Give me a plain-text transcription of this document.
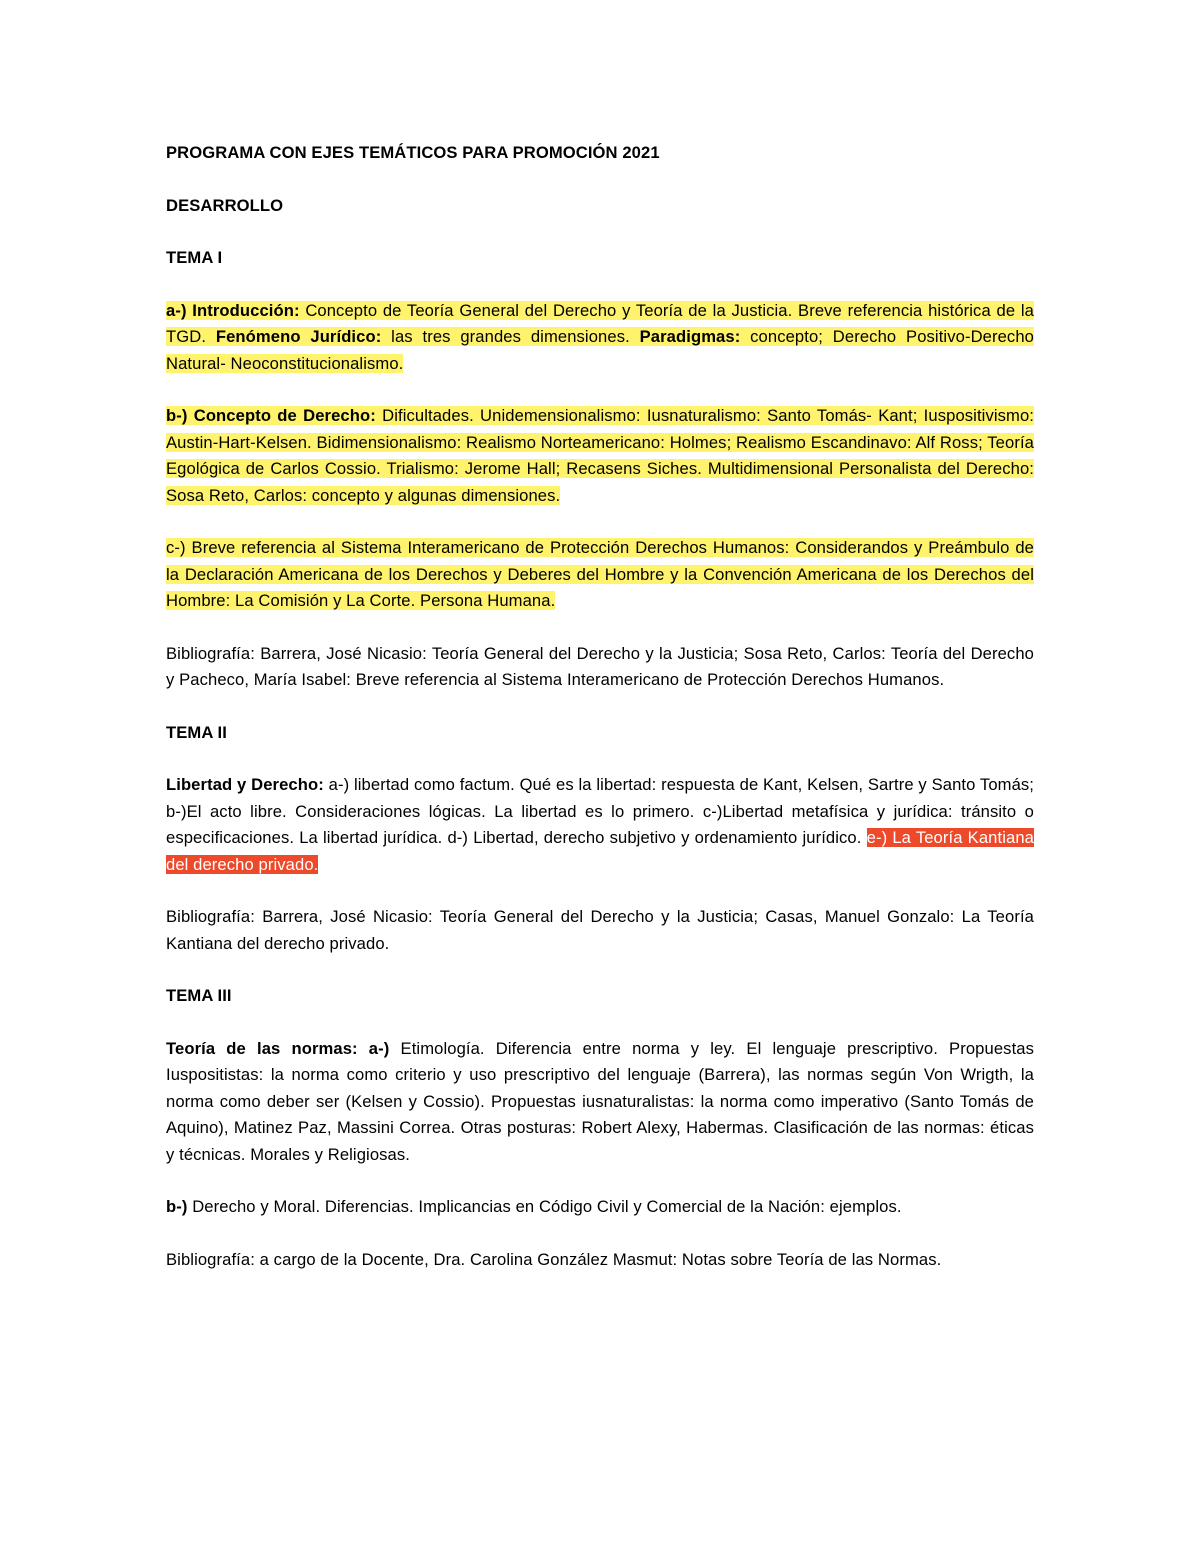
PROGRAMA CON EJES TEMÁTICOS PARA PROMOCIÓN 2021

DESARROLLO

TEMA I

a-) Introducción: Concepto de Teoría General del Derecho y Teoría de la Justicia. Breve referencia histórica de la TGD. Fenómeno Jurídico: las tres grandes dimensiones. Paradigmas: concepto; Derecho Positivo-Derecho Natural- Neoconstitucionalismo.

b-) Concepto de Derecho: Dificultades. Unidemensionalismo: Iusnaturalismo: Santo Tomás- Kant; Iuspositivismo: Austin-Hart-Kelsen. Bidimensionalismo: Realismo Norteamericano: Holmes; Realismo Escandinavo: Alf Ross; Teoría Egológica de Carlos Cossio. Trialismo: Jerome Hall; Recasens Siches. Multidimensional Personalista del Derecho: Sosa Reto, Carlos: concepto y algunas dimensiones.

c-) Breve referencia al Sistema Interamericano de Protección Derechos Humanos: Considerandos y Preámbulo de la Declaración Americana de los Derechos y Deberes del Hombre y la Convención Americana de los Derechos del Hombre: La Comisión y La Corte. Persona Humana.

Bibliografía: Barrera, José Nicasio: Teoría General del Derecho y la Justicia; Sosa Reto, Carlos: Teoría del Derecho y Pacheco, María Isabel: Breve referencia al Sistema Interamericano de Protección Derechos Humanos.

TEMA II

Libertad y Derecho: a-) libertad como factum. Qué es la libertad: respuesta de Kant, Kelsen, Sartre y Santo Tomás; b-)El acto libre. Consideraciones lógicas. La libertad es lo primero. c-)Libertad metafísica y jurídica: tránsito o especificaciones. La libertad jurídica. d-) Libertad, derecho subjetivo y ordenamiento jurídico. e-) La Teoría Kantiana del derecho privado.

Bibliografía: Barrera, José Nicasio: Teoría General del Derecho y la Justicia; Casas, Manuel Gonzalo: La Teoría Kantiana del derecho privado.

TEMA III

Teoría de las normas: a-) Etimología. Diferencia entre norma y ley. El lenguaje prescriptivo. Propuestas Iuspositistas: la norma como criterio y uso prescriptivo del lenguaje (Barrera), las normas según Von Wrigth, la norma como deber ser (Kelsen y Cossio). Propuestas iusnaturalistas: la norma como imperativo (Santo Tomás de Aquino), Matinez Paz, Massini Correa. Otras posturas: Robert Alexy, Habermas. Clasificación de las normas: éticas y técnicas. Morales y Religiosas.

b-) Derecho y Moral. Diferencias. Implicancias en Código Civil y Comercial de la Nación: ejemplos.

Bibliografía: a cargo de la Docente, Dra. Carolina González Masmut: Notas sobre Teoría de las Normas.
